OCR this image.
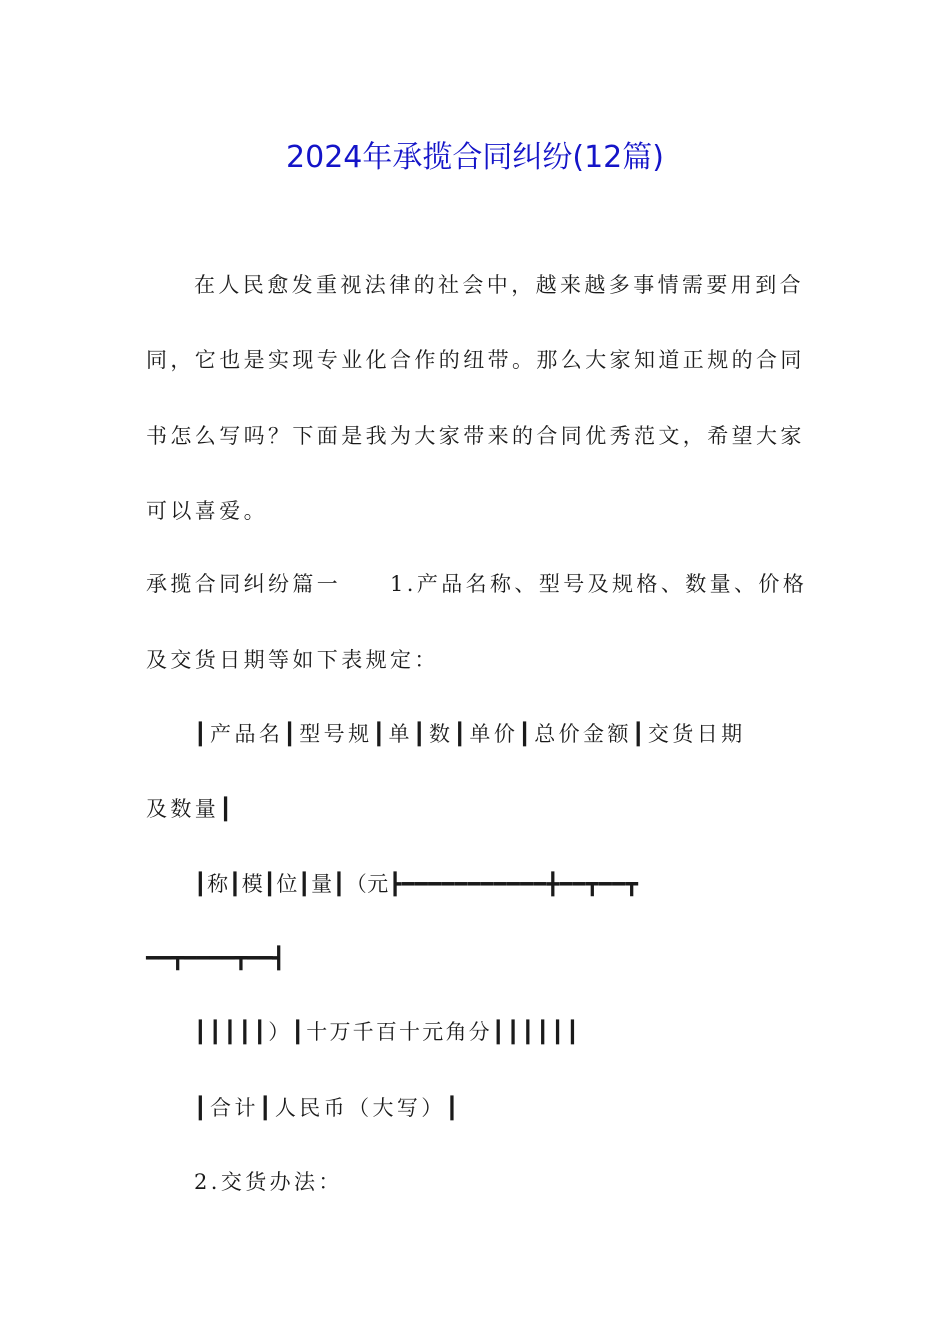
2024年承揽合同纠纷(12篇)
在人民愈发重视法律的社会中，越来越多事情需要用到合
同，它也是实现专业化合作的纽带。那么大家知道正规的合同
书怎么写吗？下面是我为大家带来的合同优秀范文，希望大家
可以喜爱。
承揽合同纠纷篇一　　1.产品名称、型号及规格、数量、价格
及交货日期等如下表规定：
┃产品名┃型号规┃单┃数┃单价┃总价金额┃交货日期
及数量┃
┃称┃模┃位┃量┃（元┣━━━━━━━━━━━╋━━┳━━┳
━━┳━━━━┳━━┫
┃┃┃┃┃）┃十万千百十元角分┃┃┃┃┃┃
┃合计┃人民币（大写）┃
2.交货办法：
